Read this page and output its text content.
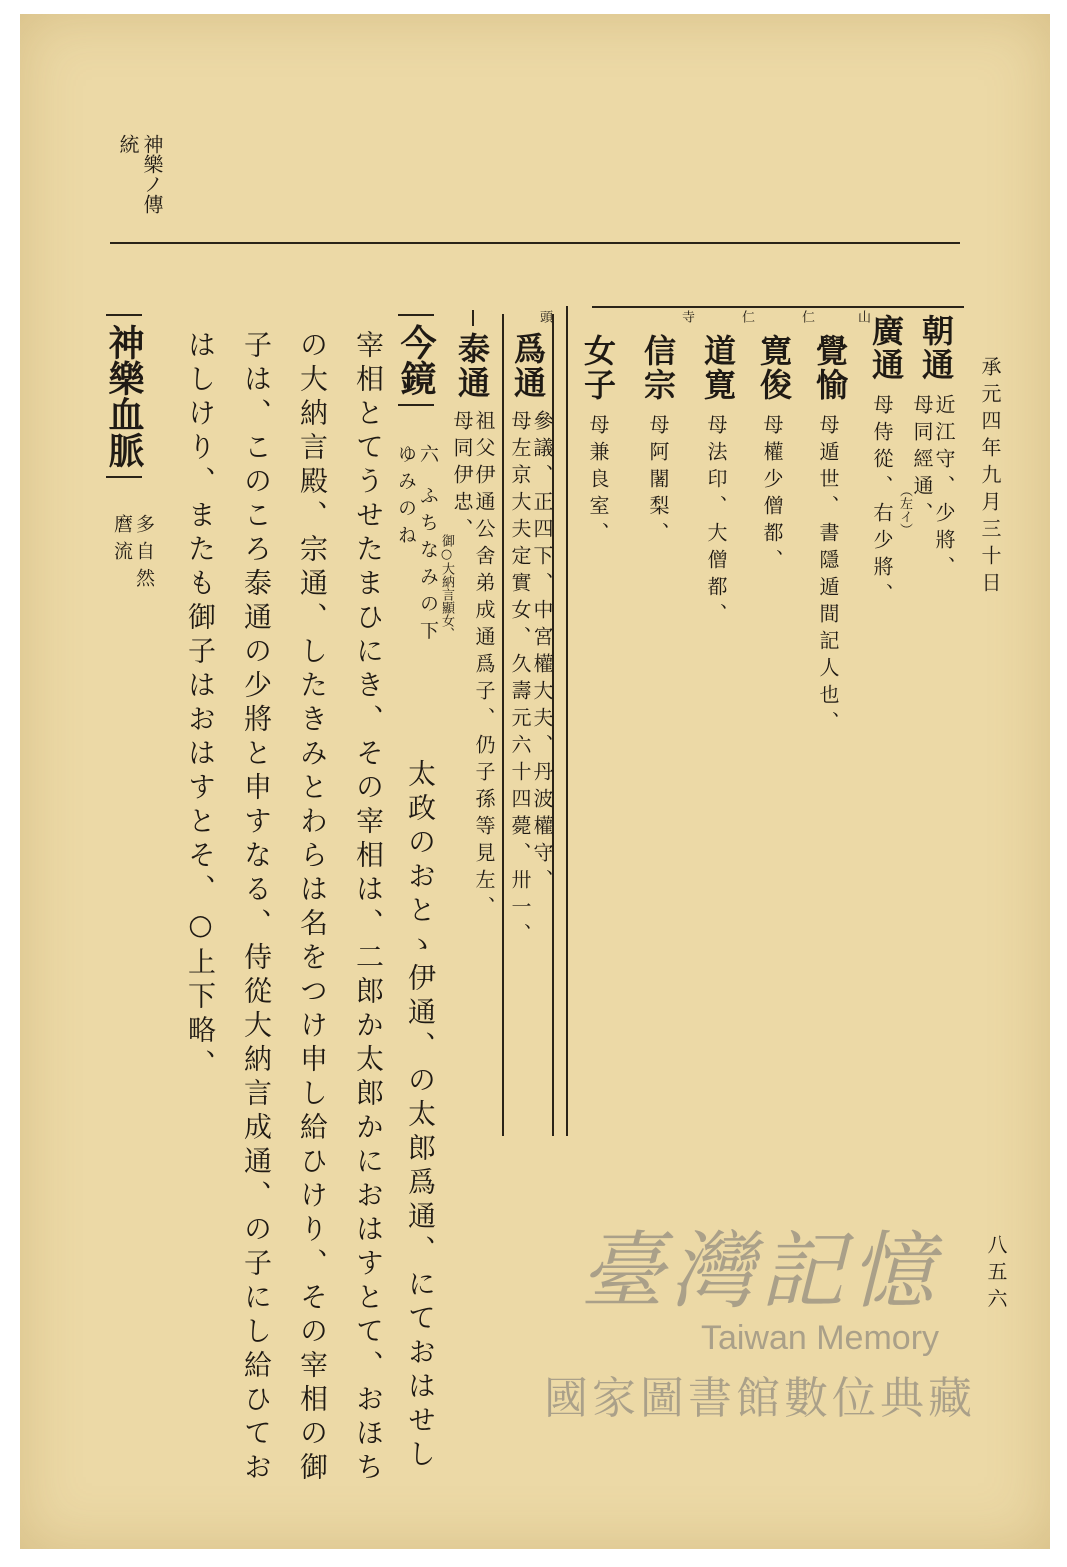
神樂ノ傳
統
承元四年九月三十日
朝通
近江守、少將、
母同經通、
廣通
母侍從、右少將、 （左イ）
山
覺愉
母遁世、書隱遁間記人也、
仁
寛俊
母權少僧都、
仁
道寛
母法印、大僧都、
寺
信宗
母阿闍梨、
女子
母兼良室、
頭
爲通
參議、正四下、中宮權大夫、丹波權守、
母左京大夫定實女、久壽元六十四薨、卅一、
泰通
祖父伊通公舍弟成通爲子、仍子孫等見左、
母同伊忠、
御○大納言顯女、
今鏡
六 ふちなみの下
ゆみのね
太政のおとゝ伊通、の太郎爲通、にておはせし
宰相とてうせたまひにき、その宰相は、二郎か太郎かにおはすとて、おほち
の大納言殿、宗通、したきみとわらは名をつけ申し給ひけり、その宰相の御
子は、このころ泰通の少將と申すなる、侍從大納言成通、の子にし給ひてお
はしけり、またも御子はおはすとそ、○上下略、
神樂血脈
多自然
麿流
八五六
臺灣記憶
Taiwan Memory
國家圖書館數位典藏
